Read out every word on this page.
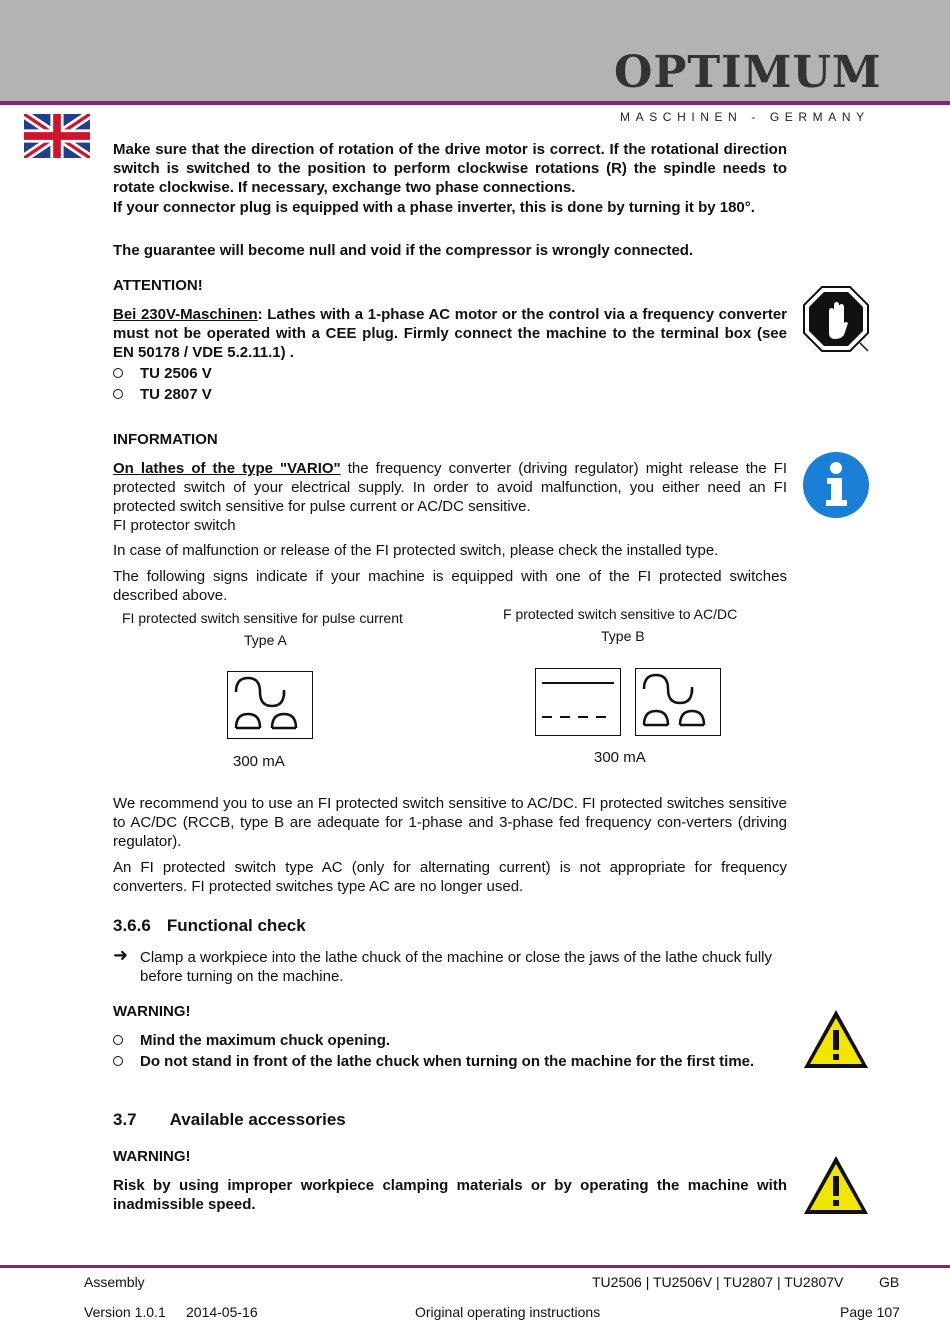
OPTIMUM
MASCHINEN - GERMANY

Make sure that the direction of rotation of the drive motor is correct. If the rotational direction switch is switched to the position to perform clockwise rotations (R) the spindle needs to rotate clockwise. If necessary, exchange two phase connections.

If your connector plug is equipped with a phase inverter, this is done by turning it by 180°.

The guarantee will become null and void if the compressor is wrongly connected.

ATTENTION!

Bei 230V-Maschinen: Lathes with a 1-phase AC motor or the control via a frequency converter must not be operated with a CEE plug. Firmly connect the machine to the terminal box (see EN 50178 / VDE 5.2.11.1) .

TU 2506 V
TU 2807 V
INFORMATION

On lathes of the type "VARIO" the frequency converter (driving regulator) might release the FI protected switch of your electrical supply. In order to avoid malfunction, you either need an FI protected switch sensitive for pulse current or AC/DC sensitive.

FI protector switch

In case of malfunction or release of the FI protected switch, please check the installed type.

The following signs indicate if your machine is equipped with one of the FI protected switches described above.

FI protected switch sensitive for pulse current
Type A
F protected switch sensitive to AC/DC
Type B
300 mA	300 mA

We recommend you to use an FI protected switch sensitive to AC/DC. FI protected switches sensitive to AC/DC (RCCB, type B are adequate for 1-phase and 3-phase fed frequency con-verters (driving regulator).

An FI protected switch type AC (only for alternating current) is not appropriate for frequency converters. FI protected switches type AC are no longer used.

3.6.6 Functional check
➜ Clamp a workpiece into the lathe chuck of the machine or close the jaws of the lathe chuck fully before turning on the machine.

WARNING!
Mind the maximum chuck opening.
Do not stand in front of the lathe chuck when turning on the machine for the first time.
3.7 Available accessories
WARNING!

Risk by using improper workpiece clamping materials or by operating the machine with inadmissible speed.

Assembly	TU2506 | TU2506V | TU2807 | TU2807V	GB
Version 1.0.1 2014-05-16	Original operating instructions	Page 107
